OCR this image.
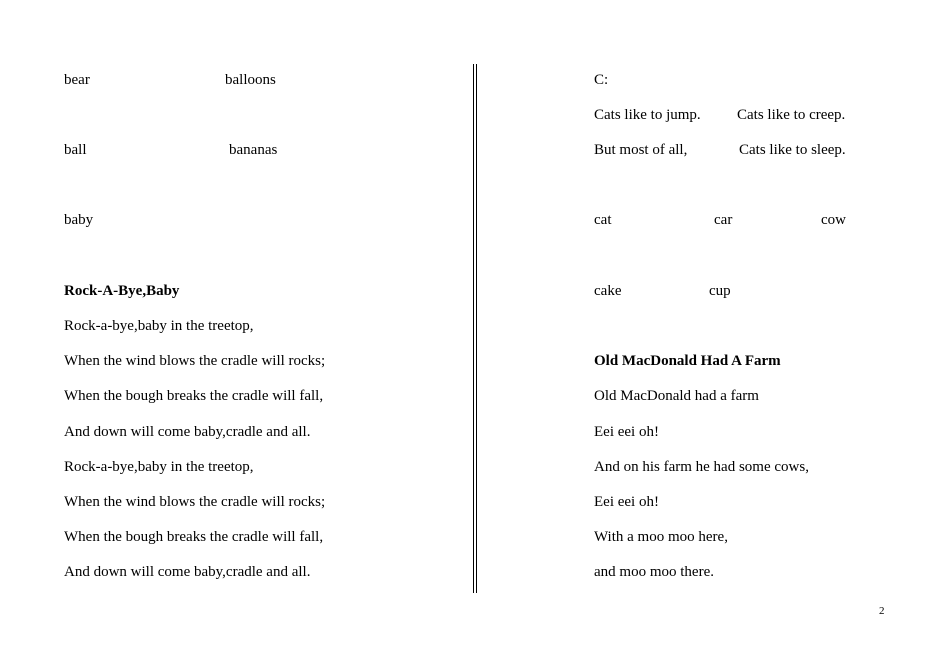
bear	balloons
ball	bananas
baby
Rock-A-Bye,Baby
Rock-a-bye,baby in the treetop,
When the wind blows the cradle will rocks;
When the bough breaks the cradle will fall,
And down will come baby,cradle and all.
Rock-a-bye,baby in the treetop,
When the wind blows the cradle will rocks;
When the bough breaks the cradle will fall,
And down will come baby,cradle and all.
C:
Cats like to jump. Cats like to creep.
But most of all,	Cats like to sleep.
cat	car	cow
cake	cup
Old MacDonald Had A Farm
Old MacDonald had a farm
Eei eei oh!
And on his farm he had some cows,
Eei eei oh!
With a moo moo here,
and moo moo there.
2
